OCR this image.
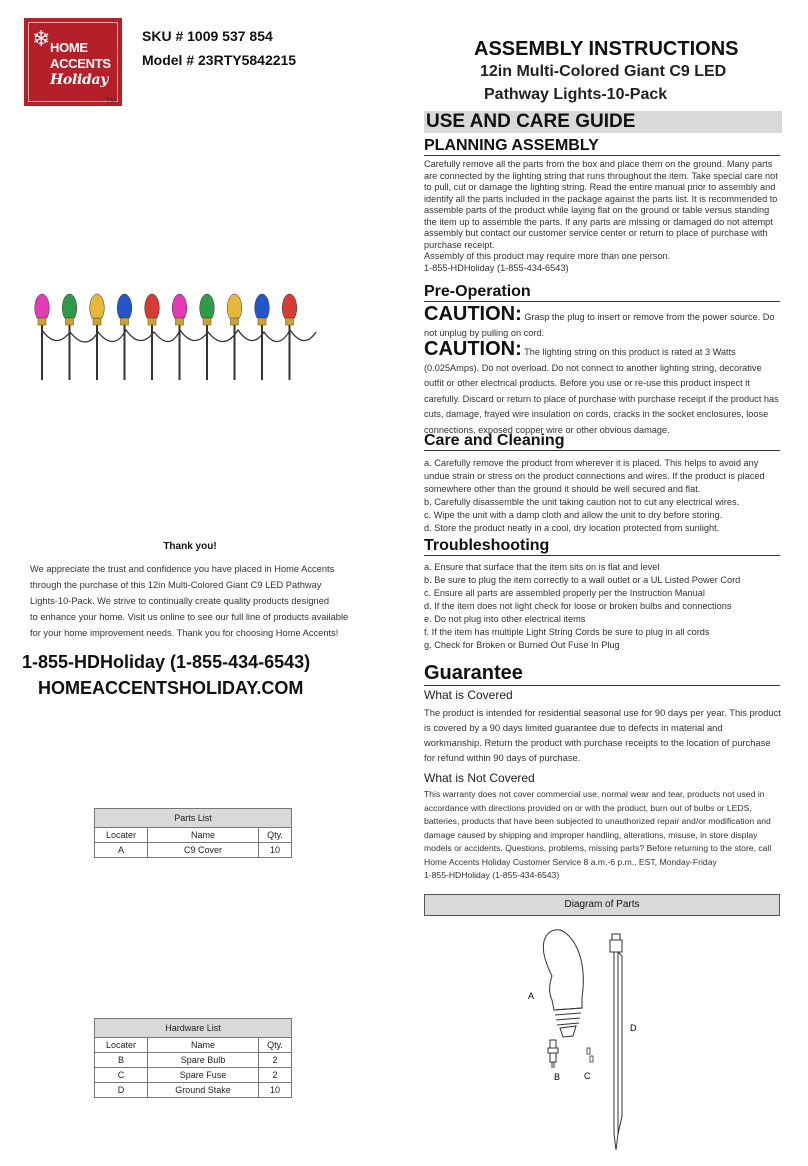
❄ HOME
ACCENTS
Holiday
TM
SKU # 1009 537 854
Model # 23RTY5842215	ASSEMBLY INSTRUCTIONS
12in Multi-Colored Giant C9 LED
Pathway Lights-10-Pack
USE AND CARE GUIDE
PLANNING ASSEMBLY

Carefully remove all the parts from the box and place them on the ground. Many parts are connected by the lighting string that runs throughout the item. Take special care not to pull, cut or damage the lighting string. Read the entire manual prior to assembly and identify all the parts included in the package against the parts list. It is recommended to assemble parts of the product while laying flat on the ground or table versus standing the item up to assemble the parts. If any parts are missing or damaged do not attempt assembly but contact our customer service center or return to place of purchase with purchase receipt.

Assembly of this product may require more than one person.

1-855-HDHoliday (1-855-434-6543)

Pre-Operation
CAUTION: Grasp the plug to insert or remove from the power source. Do not unplug by pulling on cord.
CAUTION: The lighting string on this product is rated at 3 Watts (0.025Amps). Do not overload. Do not connect to another lighting string, decorative outfit or other electrical products. Before you use or re-use this product inspect it carefully. Discard or return to place of purchase with purchase receipt if the product has cuts, damage, frayed wire insulation on cords, cracks in the socket enclosures, loose connections, exposed copper wire or other obvious damage.
Care and Cleaning
a. Carefully remove the product from wherever it is placed. This helps to avoid any
undue strain or stress on the product connections and wires. If the product is placed
somewhere other than the ground it should be well secured and flat.
b. Carefully disassemble the unit taking caution not to cut any electrical wires.
c. Wipe the unit with a damp cloth and allow the unit to dry before storing.
d. Store the product neatly in a cool, dry location protected from sunlight.
Troubleshooting
a. Ensure that surface that the item sits on is flat and level
b. Be sure to plug the item correctly to a wall outlet or a UL Listed Power Cord
c. Ensure all parts are assembled properly per the Instruction Manual
d. If the item does not light check for loose or broken bulbs and connections
e. Do not plug into other electrical items
f. If the item has multiple Light String Cords be sure to plug in all cords
g. Check for Broken or Burned Out Fuse In Plug
Guarantee
What is Covered
The product is intended for residential seasonal use for 90 days per year. This product is covered by a 90 days limited guarantee due to defects in material and workmanship. Return the product with purchase receipts to the location of purchase for refund within 90 days of purchase.
What is Not Covered
This warranty does not cover commercial use, normal wear and tear, products not used in accordance with directions provided on or with the product, burn out of bulbs or LEDS, batteries, products that have been subjected to unauthorized repair and/or modification and damage caused by shipping and improper handling, alterations, misuse, in store display models or accidents. Questions, problems, missing parts? Before returning to the store, call Home Accents Holiday Customer Service 8 a.m.-6 p.m., EST, Monday-Friday
1-855-HDHoliday (1-855-434-6543)
Diagram of Parts
A
B	C
D
Thank you!
We appreciate the trust and confidence you have placed in Home Accents
through the purchase of this 12in Multi-Colored Giant C9 LED Pathway
Lights-10-Pack. We strive to continually create quality products designed
to enhance your home. Visit us online to see our full line of products available
for your home improvement needs. Thank you for choosing Home Accents!
1-855-HDHoliday (1-855-434-6543)
HOMEACCENTSHOLIDAY.COM
Parts List		
Locater	Name	Qty.
A	C9 Cover	10
Hardware List		
Locater	Name	Qty.
B	Spare Bulb	2
C	Spare Fuse	2
D	Ground Stake	10
